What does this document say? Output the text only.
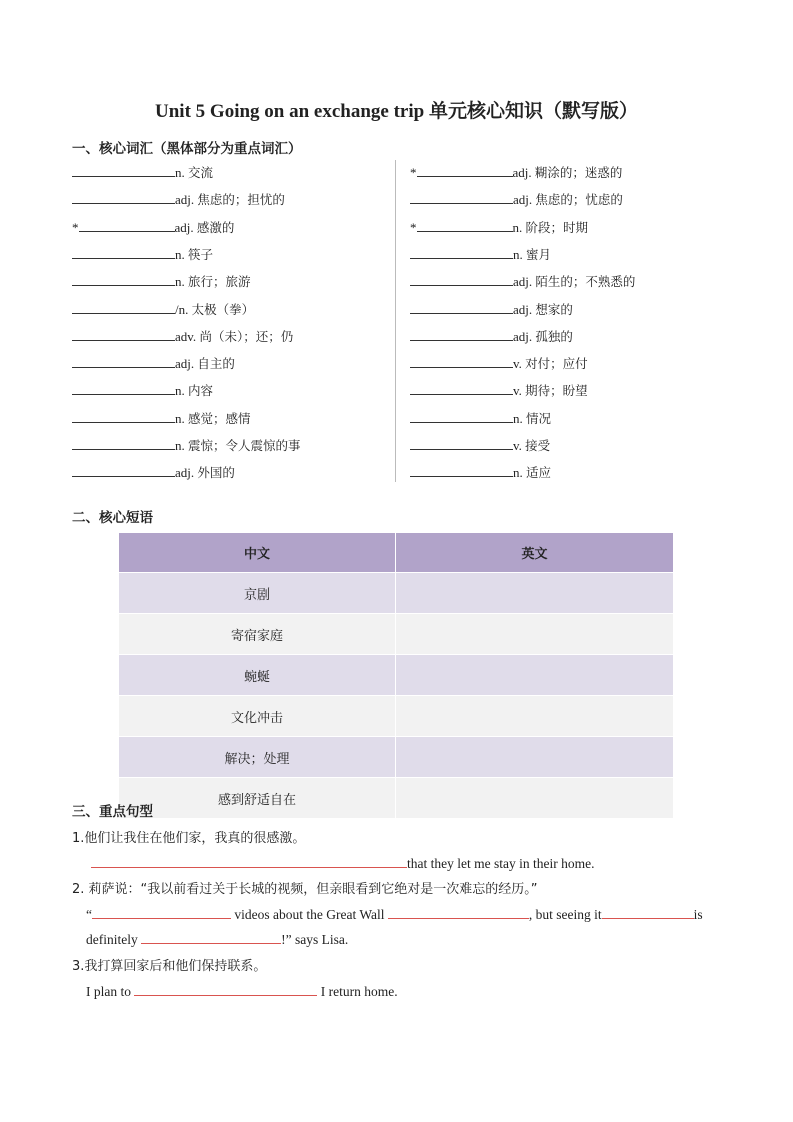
Unit 5 Going on an exchange trip 单元核心知识（默写版）
一、核心词汇（黑体部分为重点词汇）
n. 交流
adj. 焦虑的；担忧的
*	adj. 感激的
n. 筷子
n. 旅行；旅游
/n. 太极（拳）
adv. 尚（未）；还；仍
adj. 自主的
n. 内容
n. 感觉；感情
n. 震惊；令人震惊的事
adj. 外国的
*	adj. 糊涂的；迷惑的
adj. 焦虑的；忧虑的
*	n. 阶段；时期
n. 蜜月
adj. 陌生的；不熟悉的
adj. 想家的
adj. 孤独的
v. 对付；应付
v. 期待；盼望
n. 情况
v. 接受
n. 适应
二、核心短语
中文	英文
京剧	
寄宿家庭	
蜿蜒	
文化冲击	
解决；处理	
感到舒适自在	
三、重点句型
1.他们让我住在他们家，我真的很感激。
that they let me stay in their home.
2. 莉萨说：“我以前看过关于长城的视频，但亲眼看到它绝对是一次难忘的经历。”
“	videos about the Great Wall	, but seeing it	is
definitely	!” says Lisa.
3.我打算回家后和他们保持联系。
I plan to	I return home.
